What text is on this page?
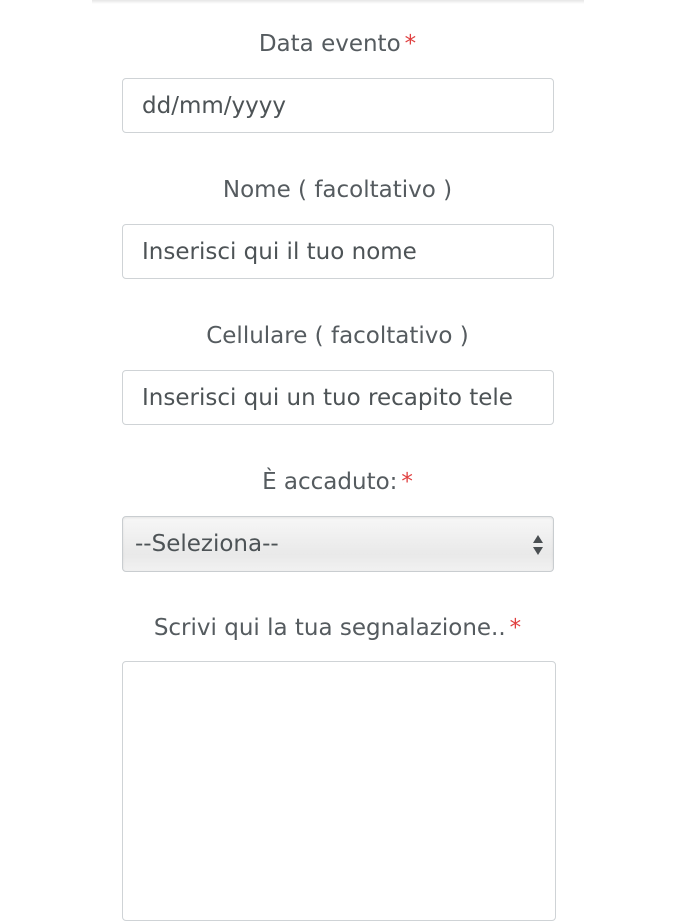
Data evento *
dd/mm/yyyy
Nome ( facoltativo )
Inserisci qui il tuo nome
Cellulare ( facoltativo )
Inserisci qui un tuo recapito tele
È accaduto: *
--Seleziona--
Scrivi qui la tua segnalazione.. *
